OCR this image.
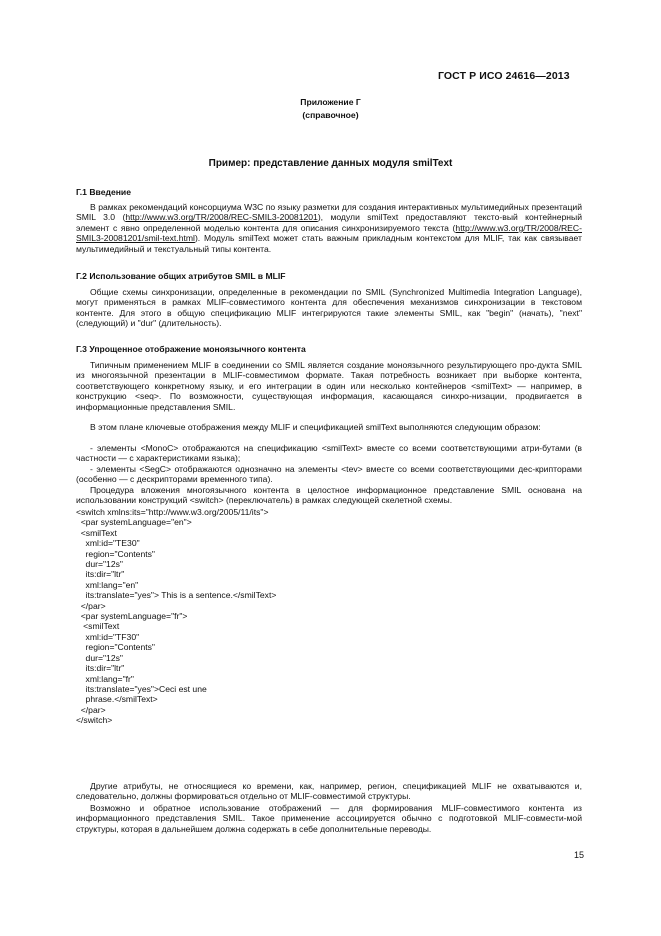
ГОСТ Р ИСО 24616—2013
Приложение Г
(справочное)
Пример: представление данных модуля smilText
Г.1 Введение
В рамках рекомендаций консорциума W3C по языку разметки для создания интерактивных мультимедийных презентаций SMIL 3.0 (http://www.w3.org/TR/2008/REC-SMIL3-20081201), модули smilText предоставляют тексто-вый контейнерный элемент с явно определенной моделью контента для описания синхронизируемого текста (http://www.w3.org/TR/2008/REC-SMIL3-20081201/smil-text.html). Модуль smilText может стать важным прикладным контекстом для MLIF, так как связывает мультимедийный и текстуальный типы контента.
Г.2 Использование общих атрибутов SMIL в MLIF
Общие схемы синхронизации, определенные в рекомендации по SMIL (Synchronized Multimedia Integration Language), могут применяться в рамках MLIF-совместимого контента для обеспечения механизмов синхронизации в текстовом контенте. Для этого в общую спецификацию MLIF интегрируются такие элементы SMIL, как "begin" (начать), "next" (следующий) и "dur" (длительность).
Г.3 Упрощенное отображение моноязычного контента
Типичным применением MLIF в соединении со SMIL является создание моноязычного результирующего про-дукта SMIL из многоязычной презентации в MLIF-совместимом формате. Такая потребность возникает при выборке контента, соответствующего конкретному языку, и его интеграции в один или несколько контейнеров <smilText> — например, в конструкцию <seq>. По возможности, существующая информация, касающаяся синхро-низации, продвигается в информационные представления SMIL.
В этом плане ключевые отображения между MLIF и спецификацией smilText выполняются следующим образом:
- элементы <MonoC> отображаются на спецификацию <smilText> вместе со всеми соответствующими атри-бутами (в частности — с характеристиками языка);
- элементы <SegC> отображаются однозначно на элементы <tev> вместе со всеми соответствующими дес-крипторами (особенно — с дескрипторами временного типа).
Процедура вложения многоязычного контента в целостное информационное представление SMIL основана на использовании конструкций <switch> (переключатель) в рамках следующей скелетной схемы.
<switch xmlns:its="http://www.w3.org/2005/11/its">
<par systemLanguage="en">
<smilText
xml:id="TE30"
region="Contents"
dur="12s"
its:dir="ltr"
xml:lang="en"
its:translate="yes"> This is a sentence.</smilText>
</par>
<par systemLanguage="fr">
<smilText
xml:id="TF30"
region="Contents"
dur="12s"
its:dir="ltr"
xml:lang="fr"
its:translate="yes">Ceci est une
phrase.</smilText>
</par>
</switch>
Другие атрибуты, не относящиеся ко времени, как, например, регион, спецификацией MLIF не охватываются и, следовательно, должны формироваться отдельно от MLIF-совместимой структуры.
Возможно и обратное использование отображений — для формирования MLIF-совместимого контента из информационного представления SMIL. Такое применение ассоциируется обычно с подготовкой MLIF-совмести-мой структуры, которая в дальнейшем должна содержать в себе дополнительные переводы.
15
